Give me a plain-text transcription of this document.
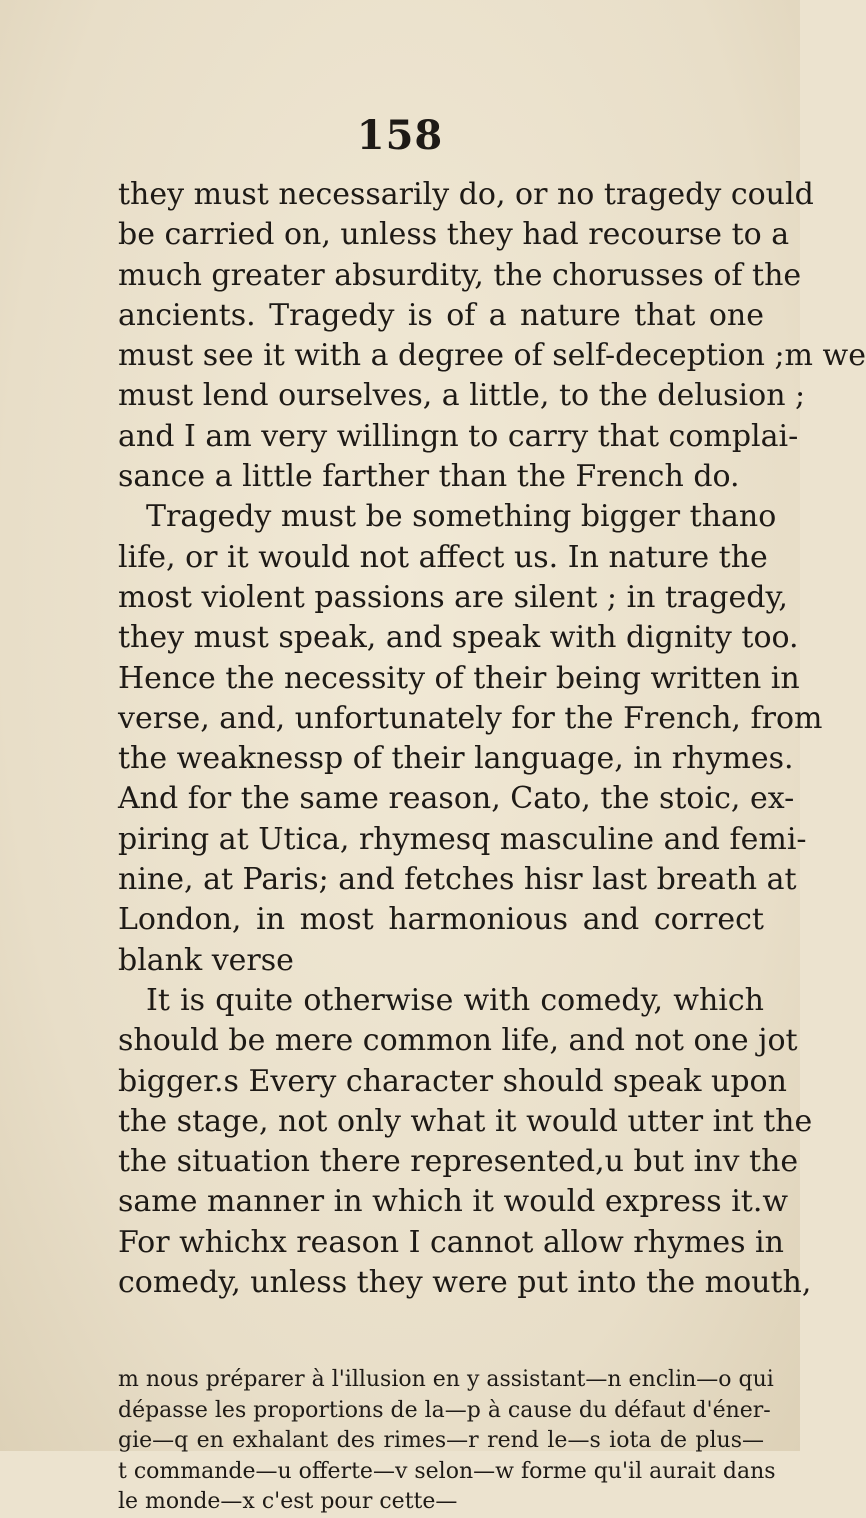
158
they must necessarily do, or no tragedy could
be carried on, unless they had recourse to a
much greater absurdity, the chorusses of the
ancients. Tragedy is of a nature that one
must see it with a degree of self-deception ;m we
must lend ourselves, a little, to the delusion ;
and I am very willingn to carry that complai-
sance a little farther than the French do.
Tragedy must be something bigger thano
life, or it would not affect us. In nature the
most violent passions are silent ; in tragedy,
they must speak, and speak with dignity too.
Hence the necessity of their being written in
verse, and, unfortunately for the French, from
the weaknessp of their language, in rhymes.
And for the same reason, Cato, the stoic, ex-
piring at Utica, rhymesq masculine and femi-
nine, at Paris; and fetches hisr last breath at
London, in most harmonious and correct
blank verse
It is quite otherwise with comedy, which
should be mere common life, and not one jot
bigger.s Every character should speak upon
the stage, not only what it would utter int the
the situation there represented,u but inv the
same manner in which it would express it.w
For whichx reason I cannot allow rhymes in
comedy, unless they were put into the mouth,
m nous préparer à l'illusion en y assistant—n enclin—o qui
dépasse les proportions de la—p à cause du défaut d'éner-
gie—q en exhalant des rimes—r rend le—s iota de plus—
t commande—u offerte—v selon—w forme qu'il aurait dans
le monde—x c'est pour cette—
